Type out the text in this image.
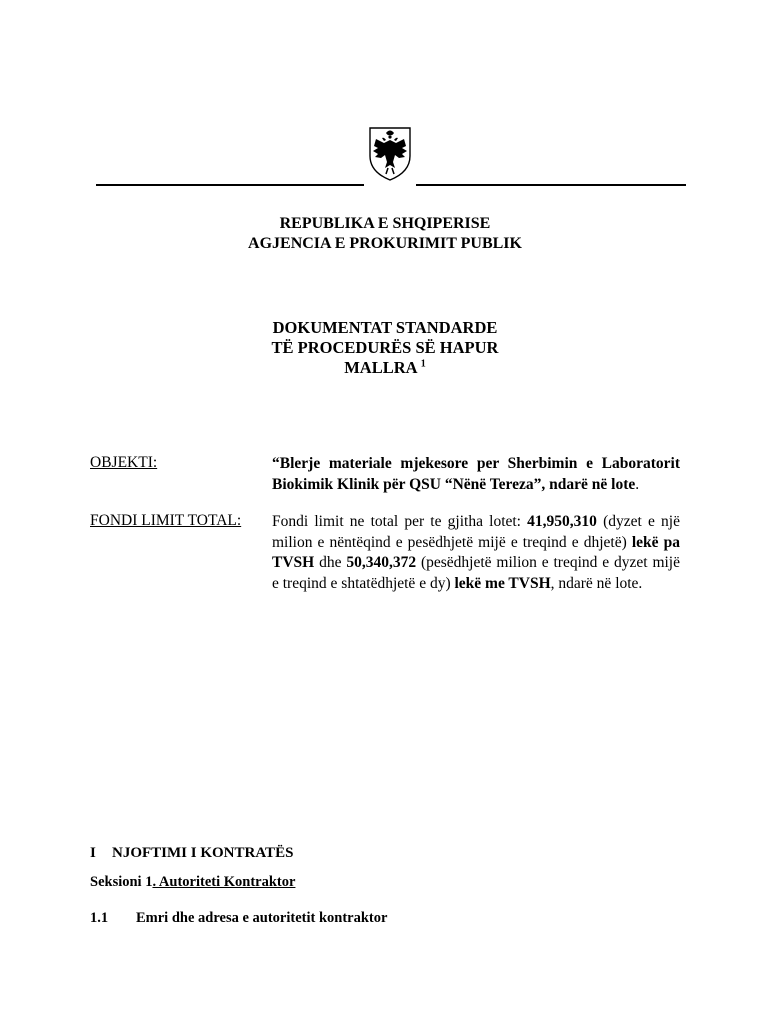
REPUBLIKA E SHQIPERISE
AGJENCIA E PROKURIMIT PUBLIK
DOKUMENTAT STANDARDE
TË PROCEDURËS SË HAPUR
MALLRA $^1$
OBJEKTI:	“Blerje materiale mjekesore per Sherbimin e Laboratorit Biokimik Klinik për QSU “Nënë Tereza”, ndarë në lote.
FONDI LIMIT TOTAL: Fondi limit ne total per te gjitha lotet: 41,950,310 (dyzet e një milion e nëntëqind e pesëdhjetë mijë e treqind e dhjetë) lekë pa TVSH dhe 50,340,372 (pesëdhjetë milion e treqind e dyzet mijë e treqind e shtatëdhjetë e dy) lekë me TVSH, ndarë në lote.
I NJOFTIMI I KONTRATËS
Seksioni 1. Autoriteti Kontraktor
1.1 Emri dhe adresa e autoritetit kontraktor
